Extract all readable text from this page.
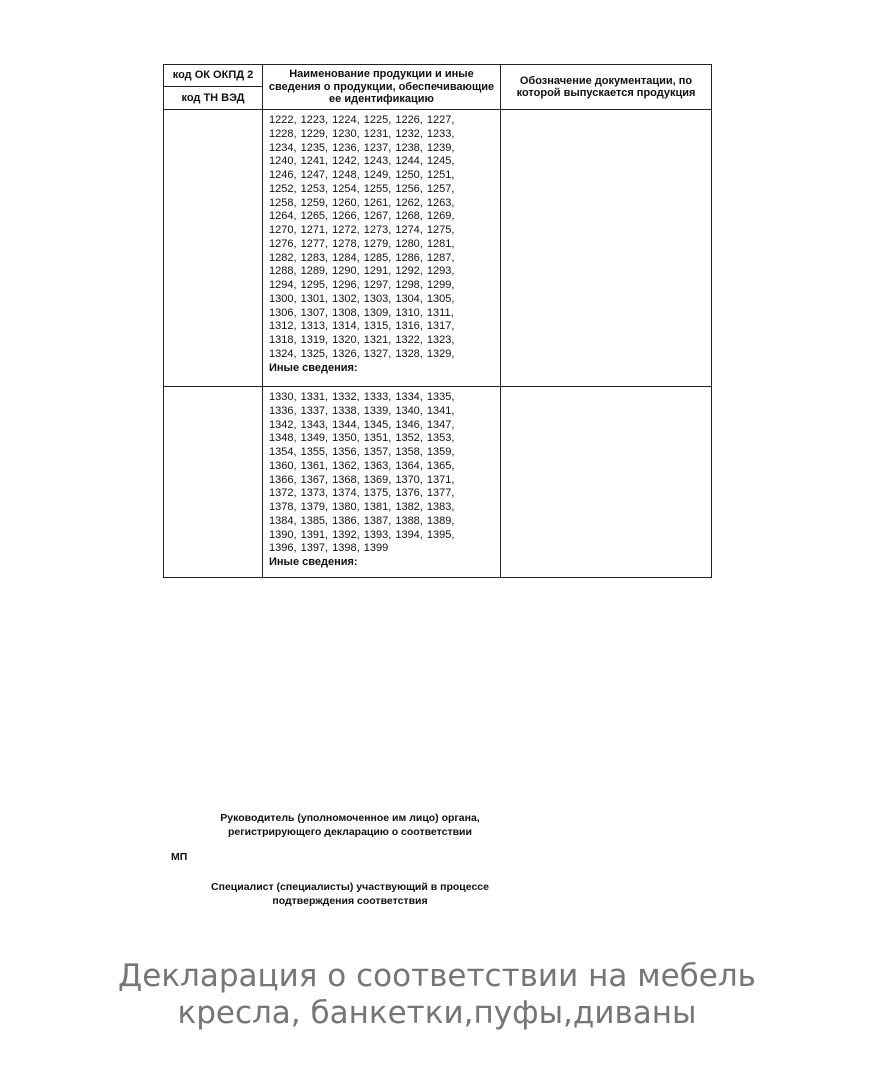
код ОК ОКПД 2
код ТН ВЭД	Наименование продукции и иные сведения о продукции, обеспечивающие ее идентификацию	Обозначение документации, по которой выпускается продукция

	1222, 1223, 1224, 1225, 1226, 1227, 1228, 1229, 1230, 1231, 1232, 1233, 1234, 1235, 1236, 1237, 1238, 1239, 1240, 1241, 1242, 1243, 1244, 1245, 1246, 1247, 1248, 1249, 1250, 1251, 1252, 1253, 1254, 1255, 1256, 1257, 1258, 1259, 1260, 1261, 1262, 1263, 1264, 1265, 1266, 1267, 1268, 1269, 1270, 1271, 1272, 1273, 1274, 1275, 1276, 1277, 1278, 1279, 1280, 1281, 1282, 1283, 1284, 1285, 1286, 1287, 1288, 1289, 1290, 1291, 1292, 1293, 1294, 1295, 1296, 1297, 1298, 1299, 1300, 1301, 1302, 1303, 1304, 1305, 1306, 1307, 1308, 1309, 1310, 1311, 1312, 1313, 1314, 1315, 1316, 1317, 1318, 1319, 1320, 1321, 1322, 1323, 1324, 1325, 1326, 1327, 1328, 1329,
Иные сведения:	

	1330, 1331, 1332, 1333, 1334, 1335, 1336, 1337, 1338, 1339, 1340, 1341, 1342, 1343, 1344, 1345, 1346, 1347, 1348, 1349, 1350, 1351, 1352, 1353, 1354, 1355, 1356, 1357, 1358, 1359, 1360, 1361, 1362, 1363, 1364, 1365, 1366, 1367, 1368, 1369, 1370, 1371, 1372, 1373, 1374, 1375, 1376, 1377, 1378, 1379, 1380, 1381, 1382, 1383, 1384, 1385, 1386, 1387, 1388, 1389, 1390, 1391, 1392, 1393, 1394, 1395, 1396, 1397, 1398, 1399
Иные сведения:	

Руководитель (уполномоченное им лицо) органа, регистрирующего декларацию о соответствии
МП
Специалист (специалисты) участвующий в процессе подтверждения соответствия
Декларация о соответствии на мебель
кресла, банкетки,пуфы,диваны
